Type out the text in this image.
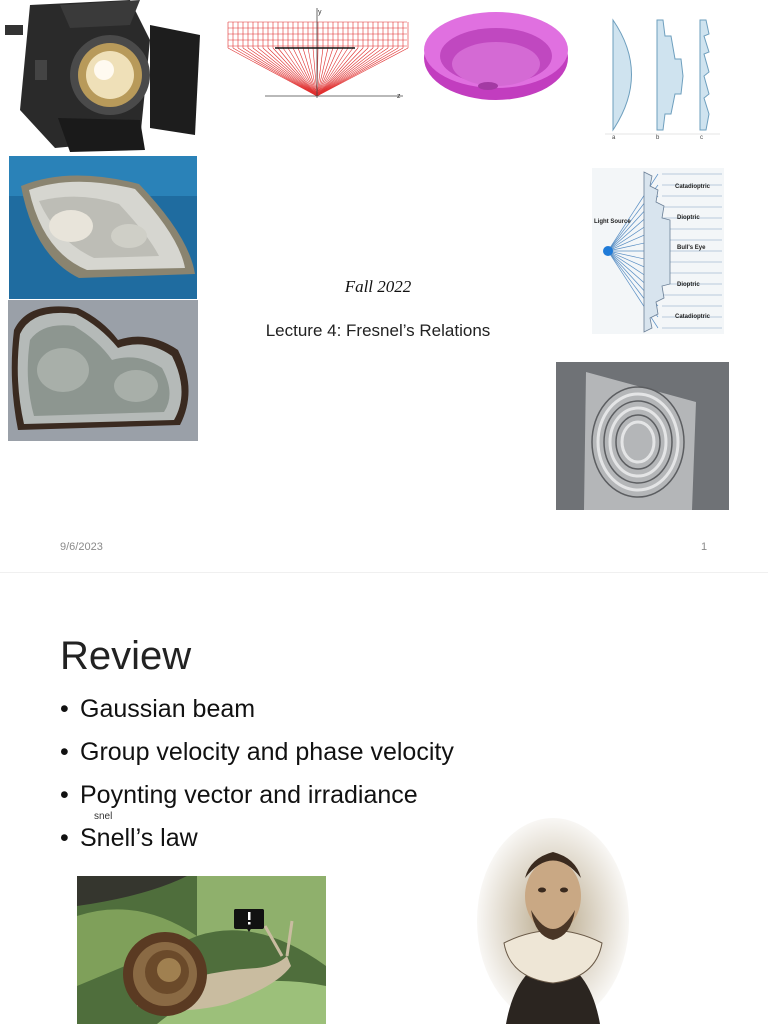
y
z
a	b	c
Fall 2022
Lecture 4: Fresnel’s Relations
Light Source
Catadioptric
Dioptric
Bull's Eye
Dioptric
Catadioptric
9/6/2023	1
Review
• Gaussian beam
• Group velocity and phase velocity
• Poynting vector and irradiance
• Snell’s law
snel
